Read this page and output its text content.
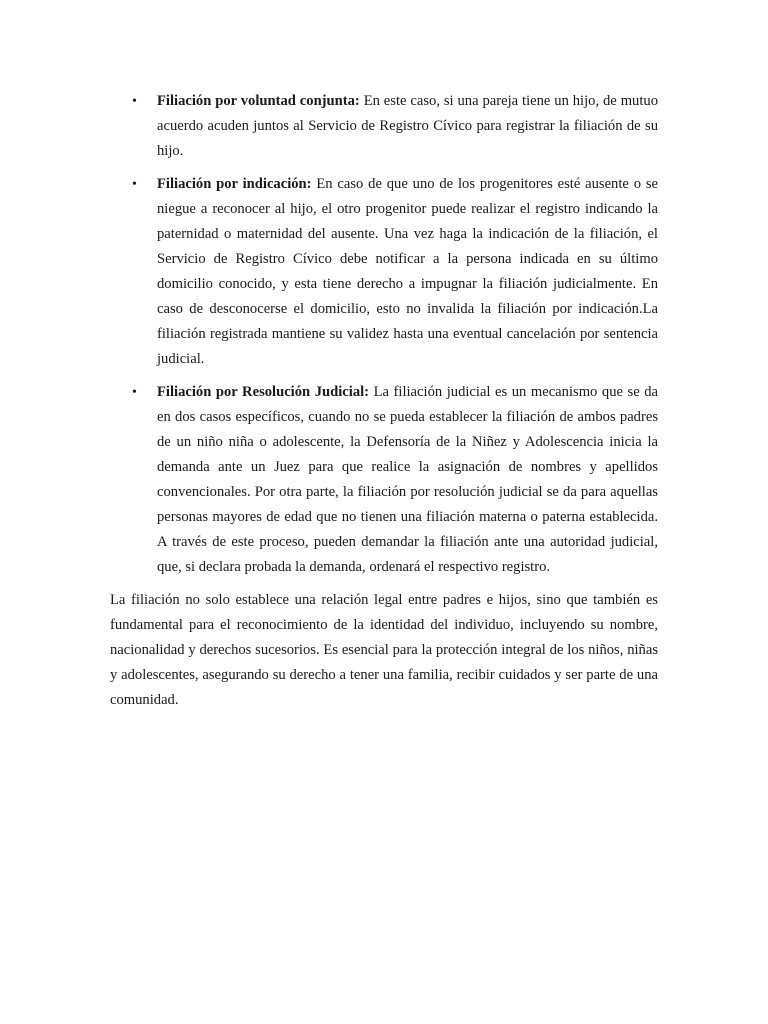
• Filiación por voluntad conjunta: En este caso, si una pareja tiene un hijo, de mutuo acuerdo acuden juntos al Servicio de Registro Cívico para registrar la filiación de su hijo.
• Filiación por indicación: En caso de que uno de los progenitores esté ausente o se niegue a reconocer al hijo, el otro progenitor puede realizar el registro indicando la paternidad o maternidad del ausente. Una vez haga la indicación de la filiación, el Servicio de Registro Cívico debe notificar a la persona indicada en su último domicilio conocido, y esta tiene derecho a impugnar la filiación judicialmente. En caso de desconocerse el domicilio, esto no invalida la filiación por indicación.La filiación registrada mantiene su validez hasta una eventual cancelación por sentencia judicial.
• Filiación por Resolución Judicial: La filiación judicial es un mecanismo que se da en dos casos específicos, cuando no se pueda establecer la filiación de ambos padres de un niño niña o adolescente, la Defensoría de la Niñez y Adolescencia inicia la demanda ante un Juez para que realice la asignación de nombres y apellidos convencionales. Por otra parte, la filiación por resolución judicial se da para aquellas personas mayores de edad que no tienen una filiación materna o paterna establecida. A través de este proceso, pueden demandar la filiación ante una autoridad judicial, que, si declara probada la demanda, ordenará el respectivo registro.

La filiación no solo establece una relación legal entre padres e hijos, sino que también es fundamental para el reconocimiento de la identidad del individuo, incluyendo su nombre, nacionalidad y derechos sucesorios. Es esencial para la protección integral de los niños, niñas y adolescentes, asegurando su derecho a tener una familia, recibir cuidados y ser parte de una comunidad.
